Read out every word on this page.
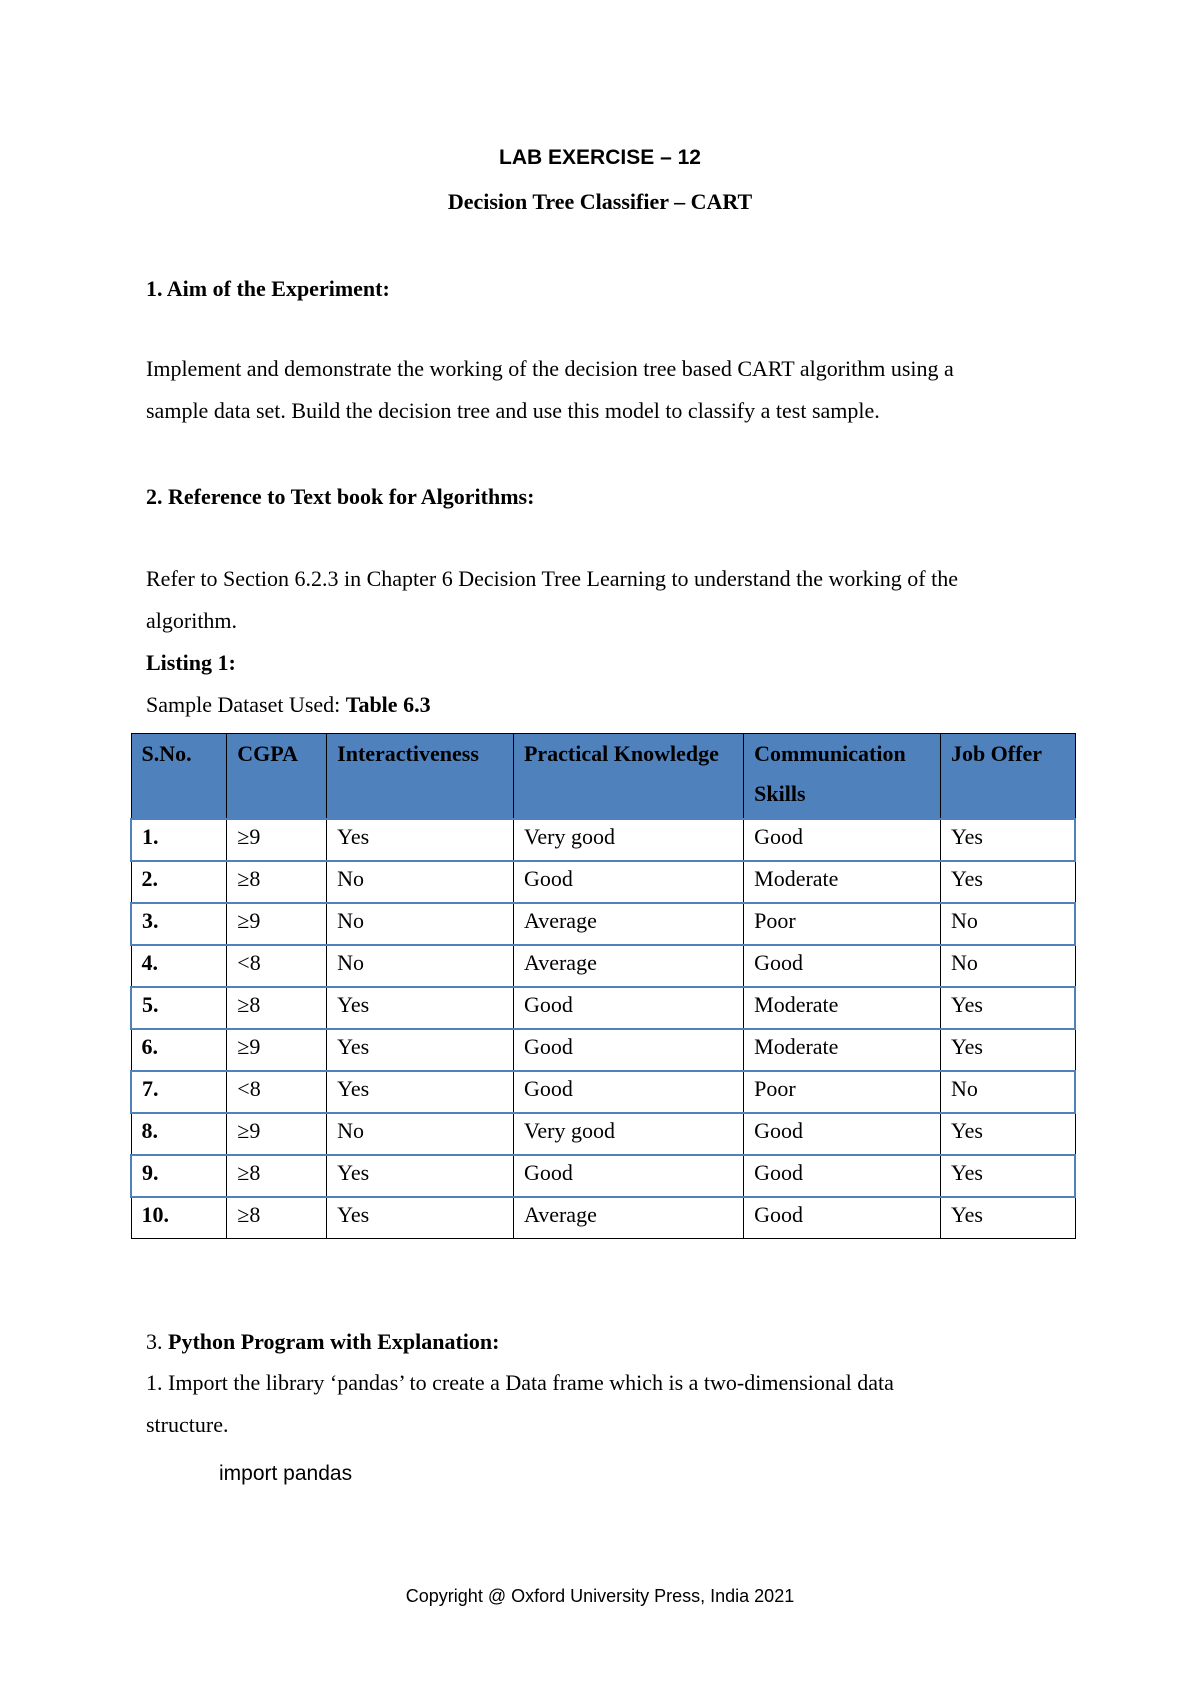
LAB EXERCISE – 12
Decision Tree Classifier – CART
1. Aim of the Experiment:
Implement and demonstrate the working of the decision tree based CART algorithm using a
sample data set. Build the decision tree and use this model to classify a test sample.
2. Reference to Text book for Algorithms:
Refer to Section 6.2.3 in Chapter 6 Decision Tree Learning to understand the working of the
algorithm.
Listing 1:
Sample Dataset Used: Table 6.3
S.No.	CGPA	Interactiveness	Practical Knowledge	Communication Skills	Job Offer
1.	≥9	Yes	Very good	Good	Yes
2.	≥8	No	Good	Moderate	Yes
3.	≥9	No	Average	Poor	No
4.	<8	No	Average	Good	No
5.	≥8	Yes	Good	Moderate	Yes
6.	≥9	Yes	Good	Moderate	Yes
7.	<8	Yes	Good	Poor	No
8.	≥9	No	Very good	Good	Yes
9.	≥8	Yes	Good	Good	Yes
10.	≥8	Yes	Average	Good	Yes
3. Python Program with Explanation:
1. Import the library ‘pandas’ to create a Data frame which is a two-dimensional data
structure.
import pandas
Copyright @ Oxford University Press, India 2021
